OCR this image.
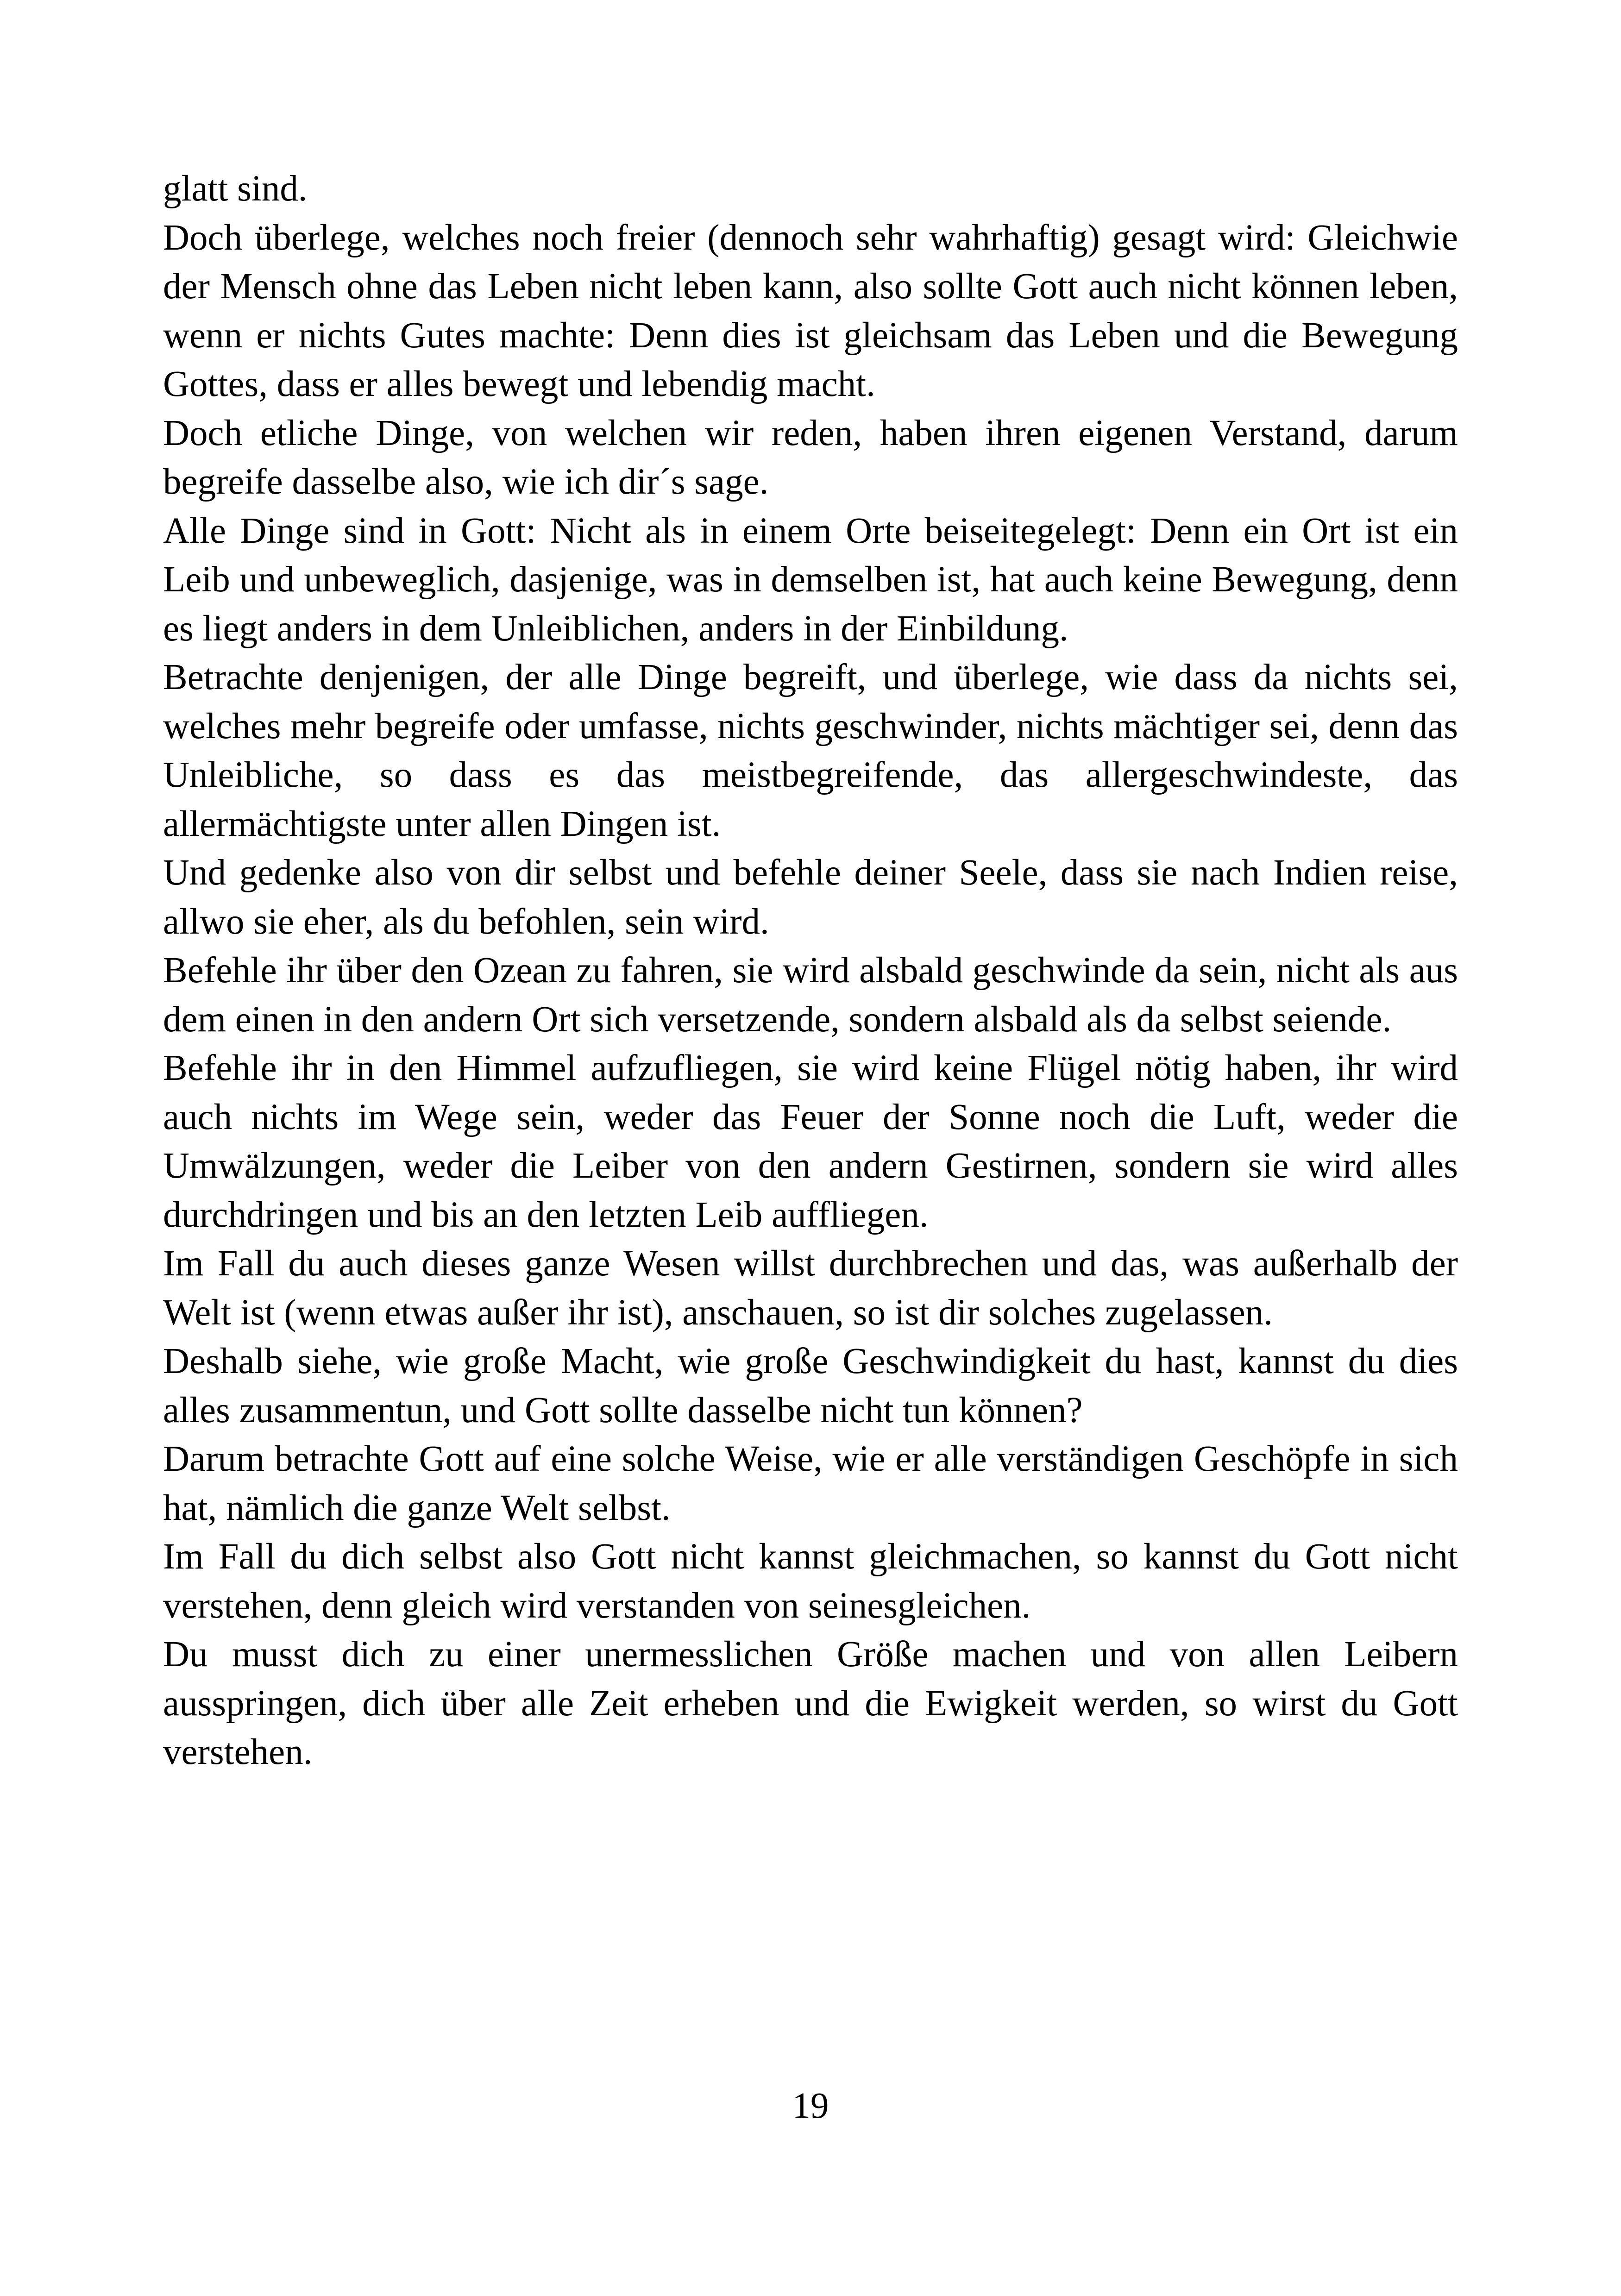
glatt sind.

Doch überlege, welches noch freier (dennoch sehr wahrhaftig) gesagt wird: Gleichwie der Mensch ohne das Leben nicht leben kann, also sollte Gott auch nicht können leben, wenn er nichts Gutes machte: Denn dies ist gleichsam das Leben und die Bewegung Gottes, dass er alles bewegt und lebendig macht.

Doch etliche Dinge, von welchen wir reden, haben ihren eigenen Verstand, darum begreife dasselbe also, wie ich dir´s sage.

Alle Dinge sind in Gott: Nicht als in einem Orte beiseitegelegt: Denn ein Ort ist ein Leib und unbeweglich, dasjenige, was in demselben ist, hat auch keine Bewegung, denn es liegt anders in dem Unleiblichen, anders in der Einbildung.

Betrachte denjenigen, der alle Dinge begreift, und überlege, wie dass da nichts sei, welches mehr begreife oder umfasse, nichts geschwinder, nichts mächtiger sei, denn das Unleibliche, so dass es das meistbegreifende, das allergeschwindeste, das allermächtigste unter allen Dingen ist.

Und gedenke also von dir selbst und befehle deiner Seele, dass sie nach Indien reise, allwo sie eher, als du befohlen, sein wird.

Befehle ihr über den Ozean zu fahren, sie wird alsbald geschwinde da sein, nicht als aus dem einen in den andern Ort sich versetzende, sondern alsbald als da selbst seiende.

Befehle ihr in den Himmel aufzufliegen, sie wird keine Flügel nötig haben, ihr wird auch nichts im Wege sein, weder das Feuer der Sonne noch die Luft, weder die Umwälzungen, weder die Leiber von den andern Gestirnen, sondern sie wird alles durchdringen und bis an den letzten Leib auffliegen.

Im Fall du auch dieses ganze Wesen willst durchbrechen und das, was außerhalb der Welt ist (wenn etwas außer ihr ist), anschauen, so ist dir solches zugelassen.

Deshalb siehe, wie große Macht, wie große Geschwindigkeit du hast, kannst du dies alles zusammentun, und Gott sollte dasselbe nicht tun können?

Darum betrachte Gott auf eine solche Weise, wie er alle verständigen Geschöpfe in sich hat, nämlich die ganze Welt selbst.

Im Fall du dich selbst also Gott nicht kannst gleichmachen, so kannst du Gott nicht verstehen, denn gleich wird verstanden von seinesgleichen.

Du musst dich zu einer unermesslichen Größe machen und von allen Leibern ausspringen, dich über alle Zeit erheben und die Ewigkeit werden, so wirst du Gott verstehen.

19
